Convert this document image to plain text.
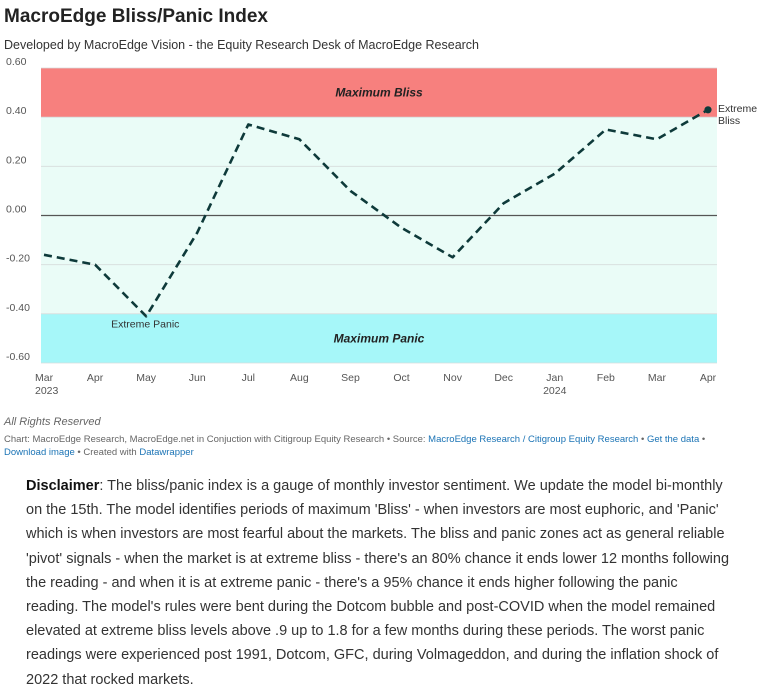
MacroEdge Bliss/Panic Index
Developed by MacroEdge Vision - the Equity Research Desk of MacroEdge Research
Maximum Bliss
Maximum Panic
0.60
0.40
0.20
0.00
-0.20
-0.40
-0.60
Mar
2023
Apr	May	Jun	Jul	Aug	Sep	Oct	Nov	Dec	Jan
2024
Feb	Mar	Apr
Extreme Panic
Extreme
Bliss
All Rights Reserved
Chart: MacroEdge Research, MacroEdge.net in Conjuction with Citigroup Equity Research • Source: MacroEdge Research / Citigroup Equity Research • Get the data • Download image • Created with Datawrapper
Disclaimer: The bliss/panic index is a gauge of monthly investor sentiment. We update the model bi-monthly on the 15th. The model identifies periods of maximum 'Bliss' - when investors are most euphoric, and 'Panic' which is when investors are most fearful about the markets. The bliss and panic zones act as general reliable 'pivot' signals - when the market is at extreme bliss - there's an 80% chance it ends lower 12 months following the reading - and when it is at extreme panic - there's a 95% chance it ends higher following the panic reading. The model's rules were bent during the Dotcom bubble and post-COVID when the model remained elevated at extreme bliss levels above .9 up to 1.8 for a few months during these periods. The worst panic readings were experienced post 1991, Dotcom, GFC, during Volmageddon, and during the inflation shock of 2022 that rocked markets.
